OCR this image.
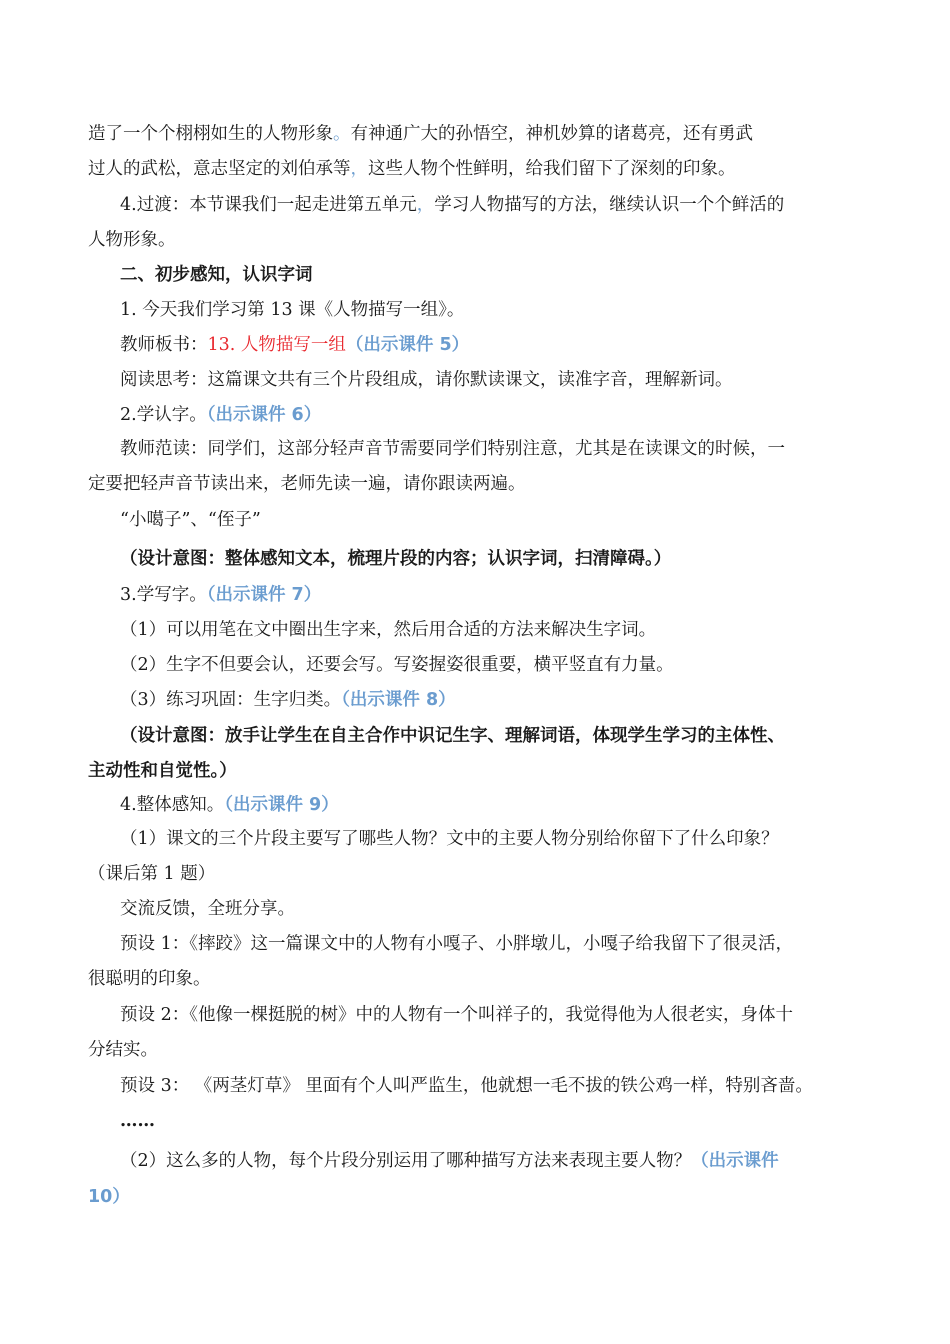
造了一个个栩栩如生的人物形象。有神通广大的孙悟空，神机妙算的诸葛亮，还有勇武
过人的武松，意志坚定的刘伯承等，这些人物个性鲜明，给我们留下了深刻的印象。
4.过渡：本节课我们一起走进第五单元，学习人物描写的方法，继续认识一个个鲜活的
人物形象。
二、初步感知，认识字词
1. 今天我们学习第 13 课《人物描写一组》。
教师板书：13. 人物描写一组（出示课件 5）
阅读思考：这篇课文共有三个片段组成，请你默读课文，读准字音，理解新词。
2.学认字。（出示课件 6）
教师范读：同学们，这部分轻声音节需要同学们特别注意，尤其是在读课文的时候，一
定要把轻声音节读出来，老师先读一遍，请你跟读两遍。
“小噶子”、“侄子”
（设计意图：整体感知文本，梳理片段的内容；认识字词，扫清障碍。）
3.学写字。（出示课件 7）
（1）可以用笔在文中圈出生字来，然后用合适的方法来解决生字词。
（2）生字不但要会认，还要会写。写姿握姿很重要，横平竖直有力量。
（3）练习巩固：生字归类。（出示课件 8）
（设计意图：放手让学生在自主合作中识记生字、理解词语，体现学生学习的主体性、
主动性和自觉性。）
4.整体感知。（出示课件 9）
（1）课文的三个片段主要写了哪些人物？文中的主要人物分别给你留下了什么印象？
（课后第 1 题）
交流反馈，全班分享。
预设 1：《摔跤》这一篇课文中的人物有小嘎子、小胖墩儿，小嘎子给我留下了很灵活，
很聪明的印象。
预设 2：《他像一棵挺脱的树》中的人物有一个叫祥子的，我觉得他为人很老实，身体十
分结实。
预设 3： 《两茎灯草》 里面有个人叫严监生，他就想一毛不拔的铁公鸡一样，特别吝啬。
……
（2）这么多的人物，每个片段分别运用了哪种描写方法来表现主要人物？（出示课件
10）
